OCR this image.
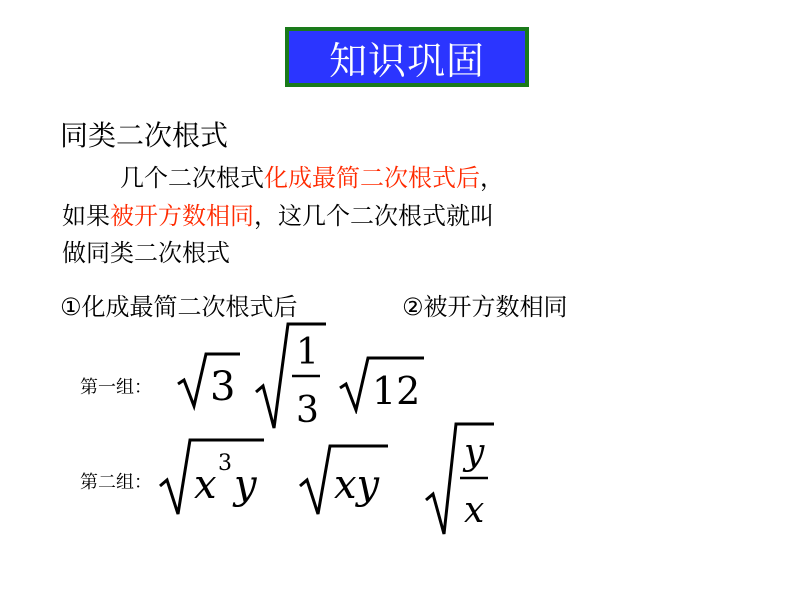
知识巩固
同类二次根式
几个二次根式化成最简二次根式后，
如果被开方数相同，这几个二次根式就叫
做同类二次根式
①化成最简二次根式后	②被开方数相同
第一组： 3
1
3 12
第二组： x 3 y xy
y
x
